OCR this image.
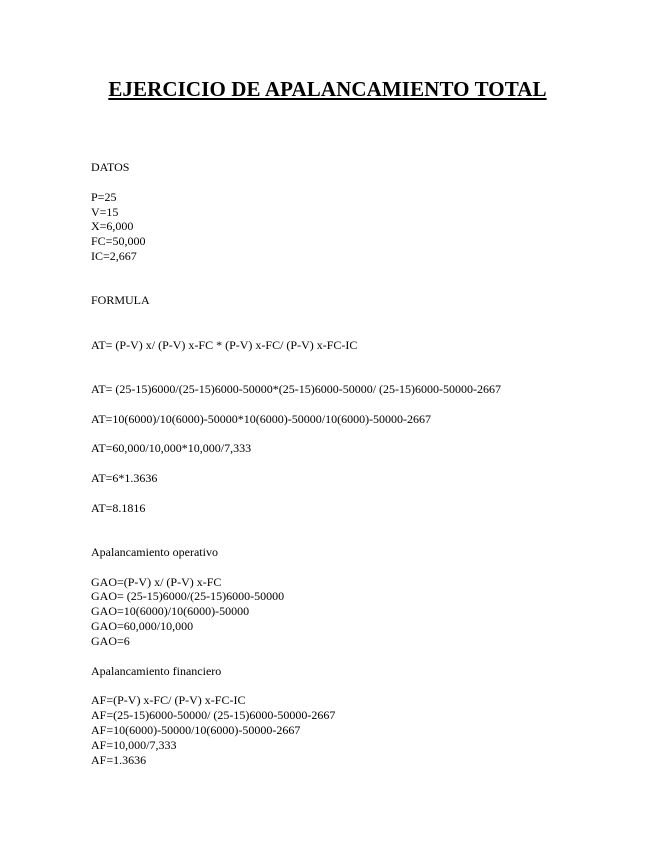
EJERCICIO DE APALANCAMIENTO TOTAL

DATOS

P=25

V=15

X=6,000

FC=50,000

IC=2,667

FORMULA

AT= (P-V) x/ (P-V) x-FC * (P-V) x-FC/ (P-V) x-FC-IC

AT= (25-15)6000/(25-15)6000-50000*(25-15)6000-50000/ (25-15)6000-50000-2667

AT=10(6000)/10(6000)-50000*10(6000)-50000/10(6000)-50000-2667

AT=60,000/10,000*10,000/7,333

AT=6*1.3636

AT=8.1816

Apalancamiento operativo

GAO=(P-V) x/ (P-V) x-FC

GAO= (25-15)6000/(25-15)6000-50000

GAO=10(6000)/10(6000)-50000

GAO=60,000/10,000

GAO=6

Apalancamiento financiero

AF=(P-V) x-FC/ (P-V) x-FC-IC

AF=(25-15)6000-50000/ (25-15)6000-50000-2667

AF=10(6000)-50000/10(6000)-50000-2667

AF=10,000/7,333

AF=1.3636
